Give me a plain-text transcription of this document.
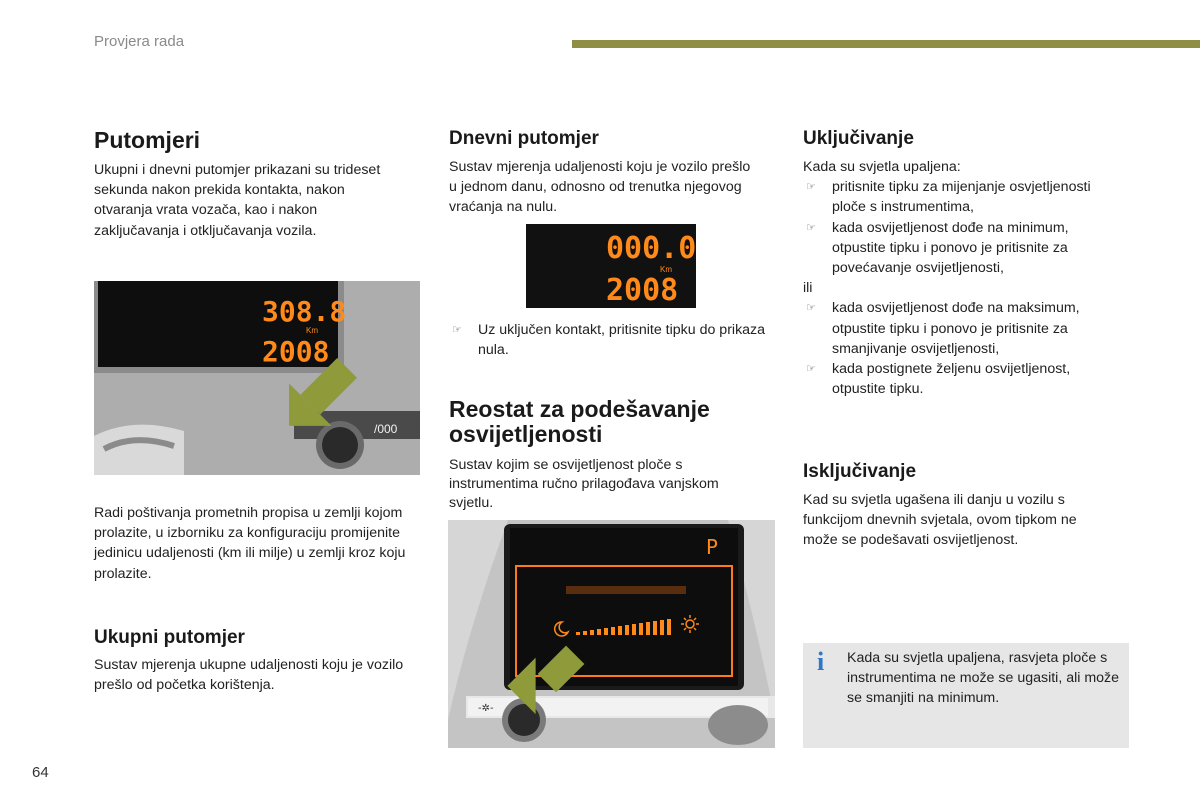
Provjera rada
Putomjeri
Ukupni i dnevni putomjer prikazani su trideset sekunda nakon prekida kontakta, nakon otvaranja vrata vozača, kao i nakon zaključavanja i otključavanja vozila.
/000
308.8
Km
2008
Radi poštivanja prometnih propisa u zemlji kojom prolazite, u izborniku za konfiguraciju promijenite jedinicu udaljenosti (km ili milje) u zemlji kroz koju prolazite.
Ukupni putomjer
Sustav mjerenja ukupne udaljenosti koju je vozilo prešlo od početka korištenja.
Dnevni putomjer
Sustav mjerenja udaljenosti koju je vozilo prešlo u jednom danu, odnosno od trenutka njegovog vraćanja na nulu.
000.0
Km
2008
☞ Uz uključen kontakt, pritisnite tipku do prikaza nula.
Reostat za podešavanje osvijetljenosti
Sustav kojim se osvijetljenost ploče s instrumentima ručno prilagođava vanjskom svjetlu.
P
-✲-
Uključivanje

Kada su svjetla upaljena:

☞ pritisnite tipku za mijenjanje osvjetljenosti ploče s instrumentima,
☞ kada osvijetljenost dođe na minimum, otpustite tipku i ponovo je pritisnite za povećavanje osvijetljenosti,

ili

☞ kada osvijetljenost dođe na maksimum, otpustite tipku i ponovo je pritisnite za smanjivanje osvijetljenosti,
☞ kada postignete željenu osvijetljenost, otpustite tipku.
Isključivanje
Kad su svjetla ugašena ili danju u vozilu s funkcijom dnevnih svjetala, ovom tipkom ne može se podešavati osvijetljenost.
i Kada su svjetla upaljena, rasvjeta ploče s instrumentima ne može se ugasiti, ali može se smanjiti na minimum.
64
